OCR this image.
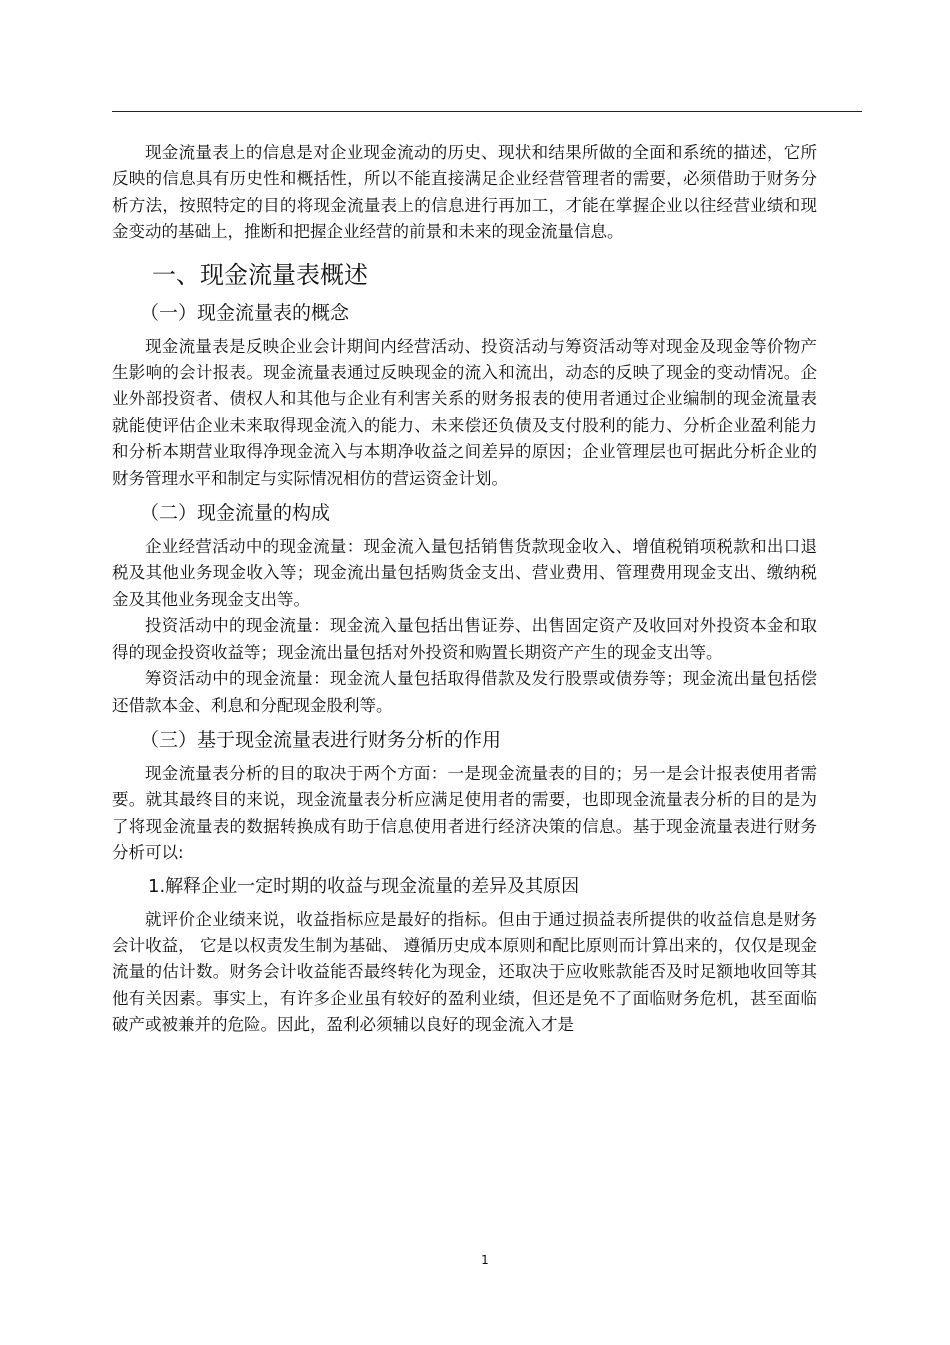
现金流量表上的信息是对企业现金流动的历史、现状和结果所做的全面和系统的描述，它所反映的信息具有历史性和概括性，所以不能直接满足企业经营管理者的需要，必须借助于财务分析方法，按照特定的目的将现金流量表上的信息进行再加工，才能在掌握企业以往经营业绩和现金变动的基础上，推断和把握企业经营的前景和未来的现金流量信息。

一、现金流量表概述
（一）现金流量表的概念

现金流量表是反映企业会计期间内经营活动、投资活动与筹资活动等对现金及现金等价物产生影响的会计报表。现金流量表通过反映现金的流入和流出，动态的反映了现金的变动情况。企业外部投资者、债权人和其他与企业有利害关系的财务报表的使用者通过企业编制的现金流量表就能使评估企业未来取得现金流入的能力、未来偿还负债及支付股利的能力、分析企业盈利能力和分析本期营业取得净现金流入与本期净收益之间差异的原因；企业管理层也可据此分析企业的财务管理水平和制定与实际情况相仿的营运资金计划。

（二）现金流量的构成

企业经营活动中的现金流量：现金流入量包括销售货款现金收入、增值税销项税款和出口退税及其他业务现金收入等；现金流出量包括购货金支出、营业费用、管理费用现金支出、缴纳税金及其他业务现金支出等。

投资活动中的现金流量：现金流入量包括出售证券、出售固定资产及收回对外投资本金和取得的现金投资收益等；现金流出量包括对外投资和购置长期资产产生的现金支出等。

筹资活动中的现金流量：现金流人量包括取得借款及发行股票或债券等；现金流出量包括偿还借款本金、利息和分配现金股利等。

（三）基于现金流量表进行财务分析的作用

现金流量表分析的目的取决于两个方面：一是现金流量表的目的；另一是会计报表使用者需要。就其最终目的来说，现金流量表分析应满足使用者的需要，也即现金流量表分析的目的是为了将现金流量表的数据转换成有助于信息使用者进行经济决策的信息。基于现金流量表进行财务分析可以:

1.解释企业一定时期的收益与现金流量的差异及其原因

就评价企业绩来说，收益指标应是最好的指标。但由于通过损益表所提供的收益信息是财务会计收益， 它是以权责发生制为基础、 遵循历史成本原则和配比原则而计算出来的，仅仅是现金流量的估计数。财务会计收益能否最终转化为现金，还取决于应收账款能否及时足额地收回等其他有关因素。事实上，有许多企业虽有较好的盈利业绩，但还是免不了面临财务危机，甚至面临破产或被兼并的危险。因此，盈利必须辅以良好的现金流入才是

1
